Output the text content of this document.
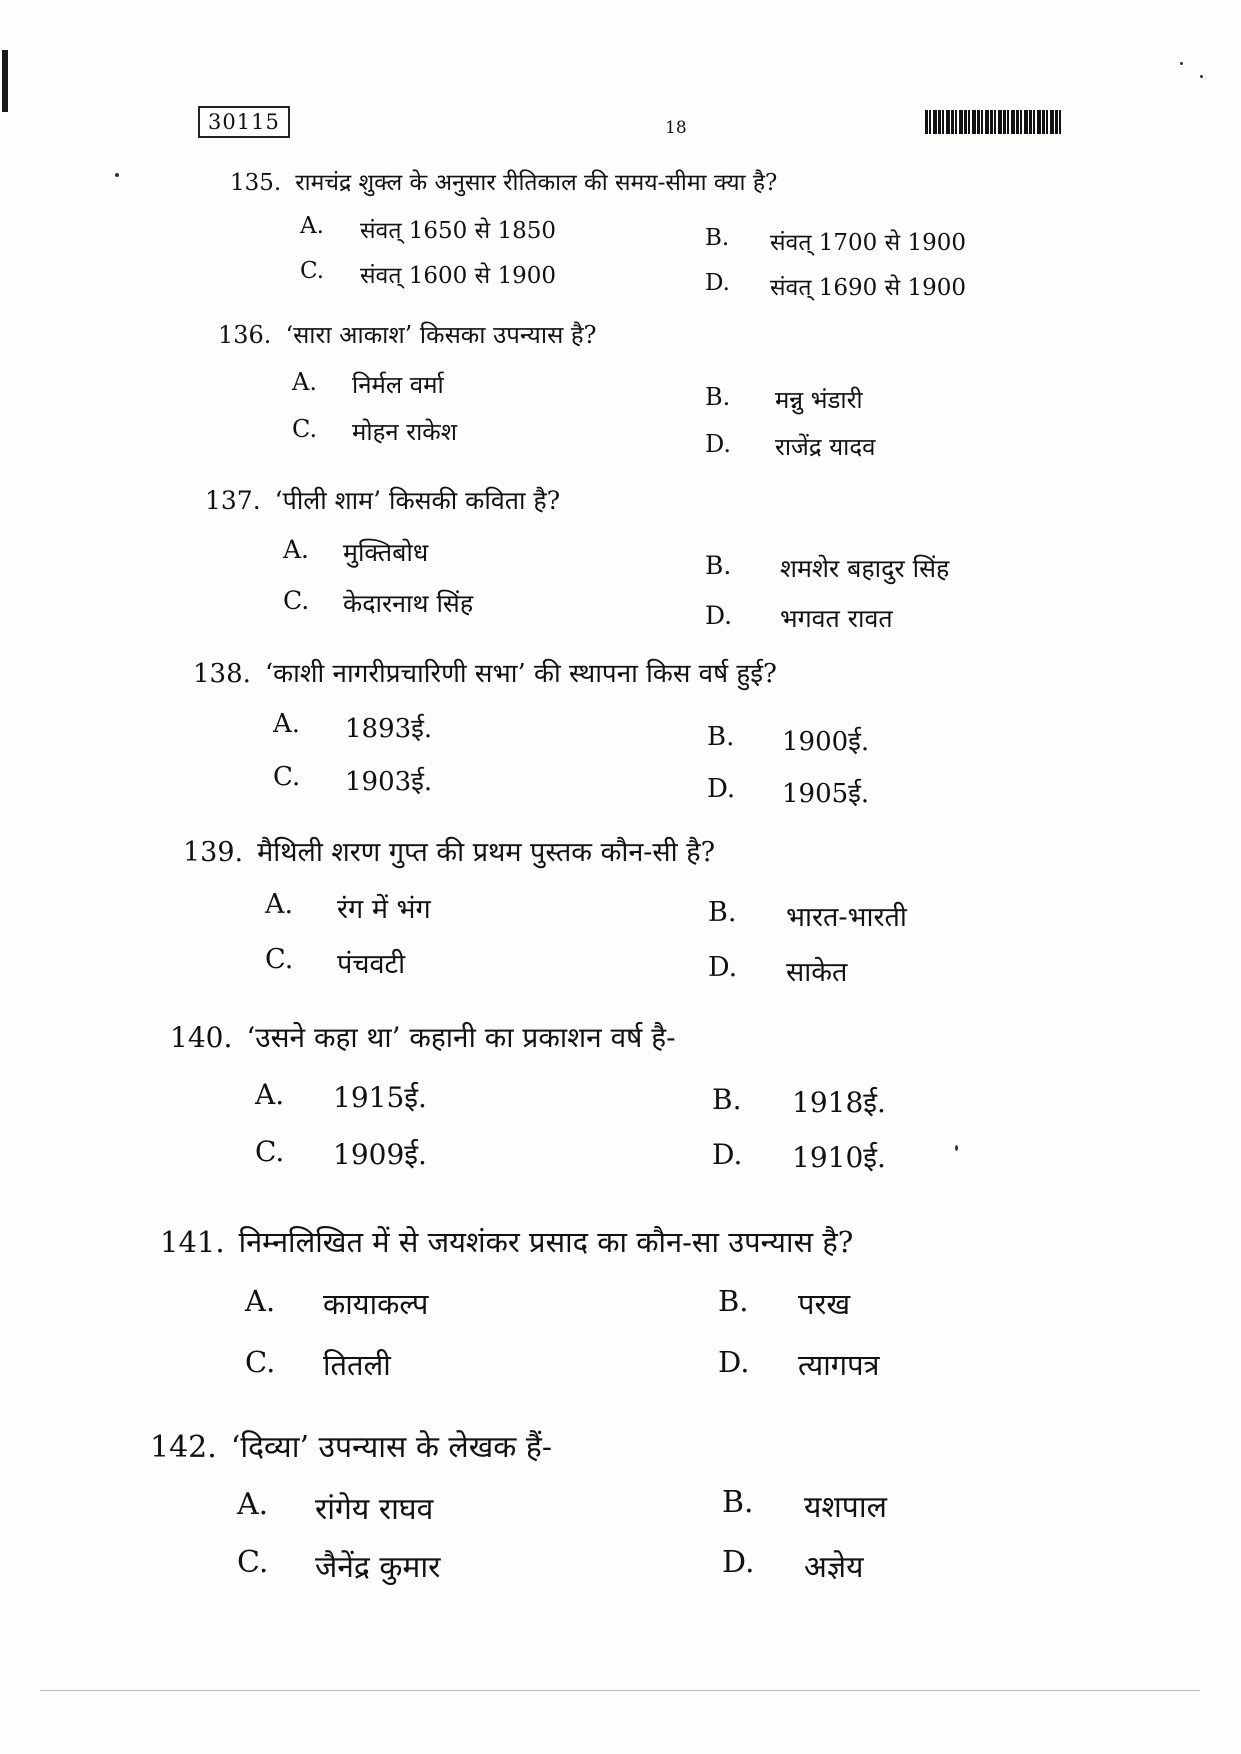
30115	18
135. रामचंद्र शुक्ल के अनुसार रीतिकाल की समय-सीमा क्या है?
A. संवत् 1650 से 1850	B. संवत् 1700 से 1900
C. संवत् 1600 से 1900	D. संवत् 1690 से 1900
136. ‘सारा आकाश’ किसका उपन्यास है?
A. निर्मल वर्मा	B. मन्नु भंडारी
C. मोहन राकेश	D. राजेंद्र यादव
137. ‘पीली शाम’ किसकी कविता है?
A. मुक्तिबोध	B. शमशेर बहादुर सिंह
C. केदारनाथ सिंह	D. भगवत रावत
138. ‘काशी नागरीप्रचारिणी सभा’ की स्थापना किस वर्ष हुई?
A. 1893ई.	B. 1900ई.
C. 1903ई.	D. 1905ई.
139. मैथिली शरण गुप्त की प्रथम पुस्तक कौन-सी है?
A. रंग में भंग	B. भारत-भारती
C. पंचवटी	D. साकेत
140. ‘उसने कहा था’ कहानी का प्रकाशन वर्ष है-
A. 1915ई.	B. 1918ई.
C. 1909ई.	D. 1910ई.
141. निम्नलिखित में से जयशंकर प्रसाद का कौन-सा उपन्यास है?
A. कायाकल्प	B. परख
C. तितली	D. त्यागपत्र
142. ‘दिव्या’ उपन्यास के लेखक हैं-
A. रांगेय राघव	B. यशपाल
C. जैनेंद्र कुमार	D. अज्ञेय
